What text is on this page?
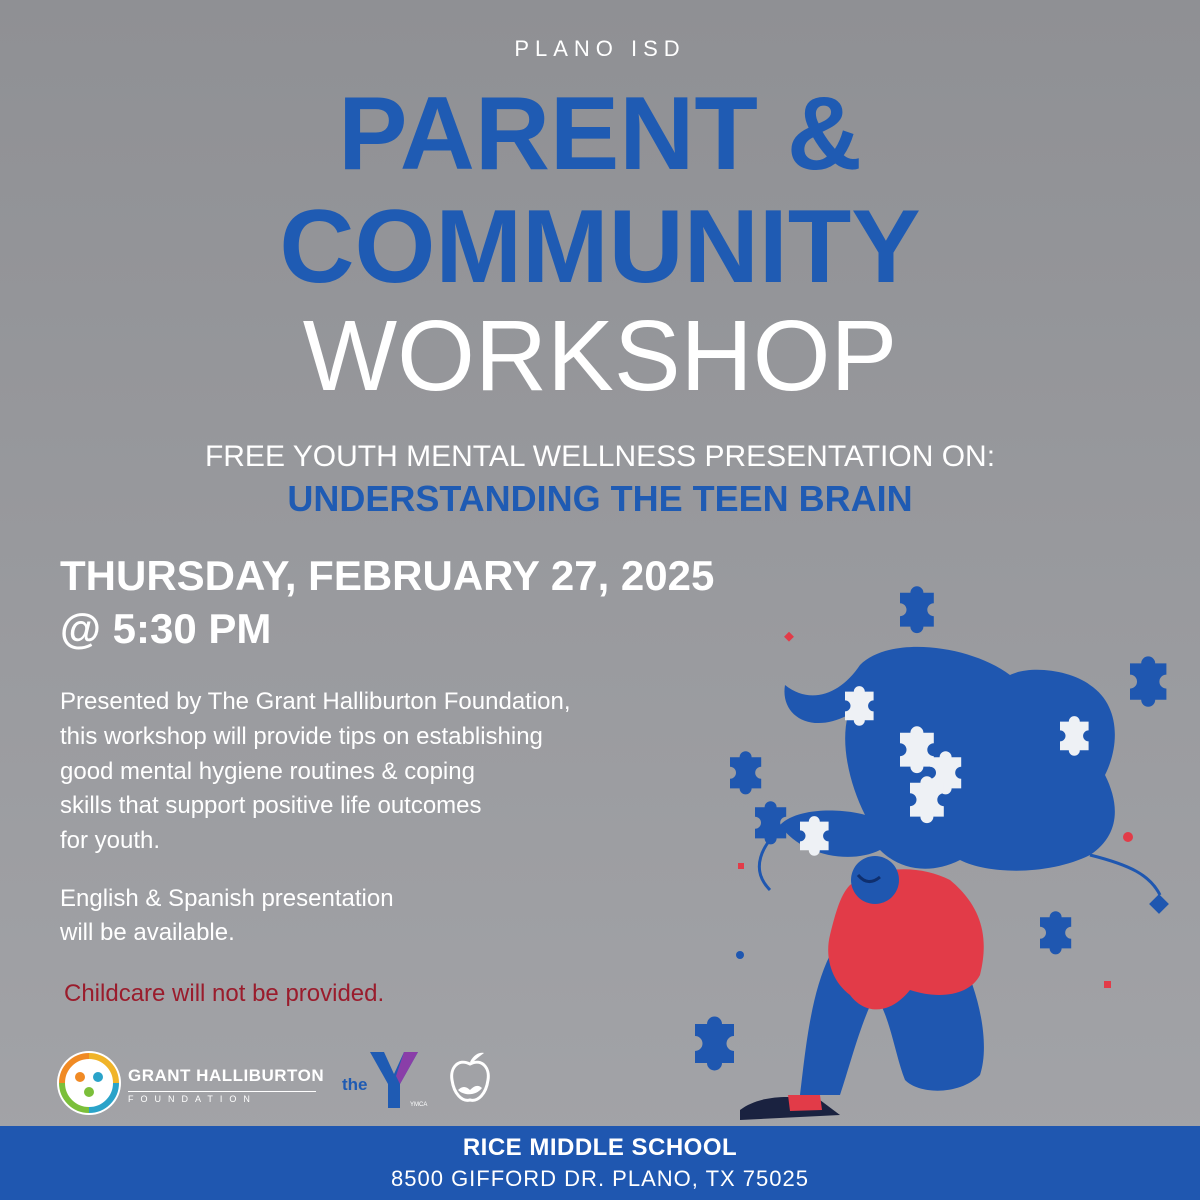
PLANO ISD
PARENT &
COMMUNITY
WORKSHOP
FREE YOUTH MENTAL WELLNESS PRESENTATION ON:
UNDERSTANDING THE TEEN BRAIN
THURSDAY, FEBRUARY 27, 2025
@ 5:30 PM
Presented by The Grant Halliburton Foundation,
this workshop will provide tips on establishing
good mental hygiene routines & coping
skills that support positive life outcomes
for youth.
English & Spanish presentation
will be available.
Childcare will not be provided.
GRANT HALLIBURTON
FOUNDATION
the
YMCA
RICE MIDDLE SCHOOL
8500 GIFFORD DR. PLANO, TX 75025
